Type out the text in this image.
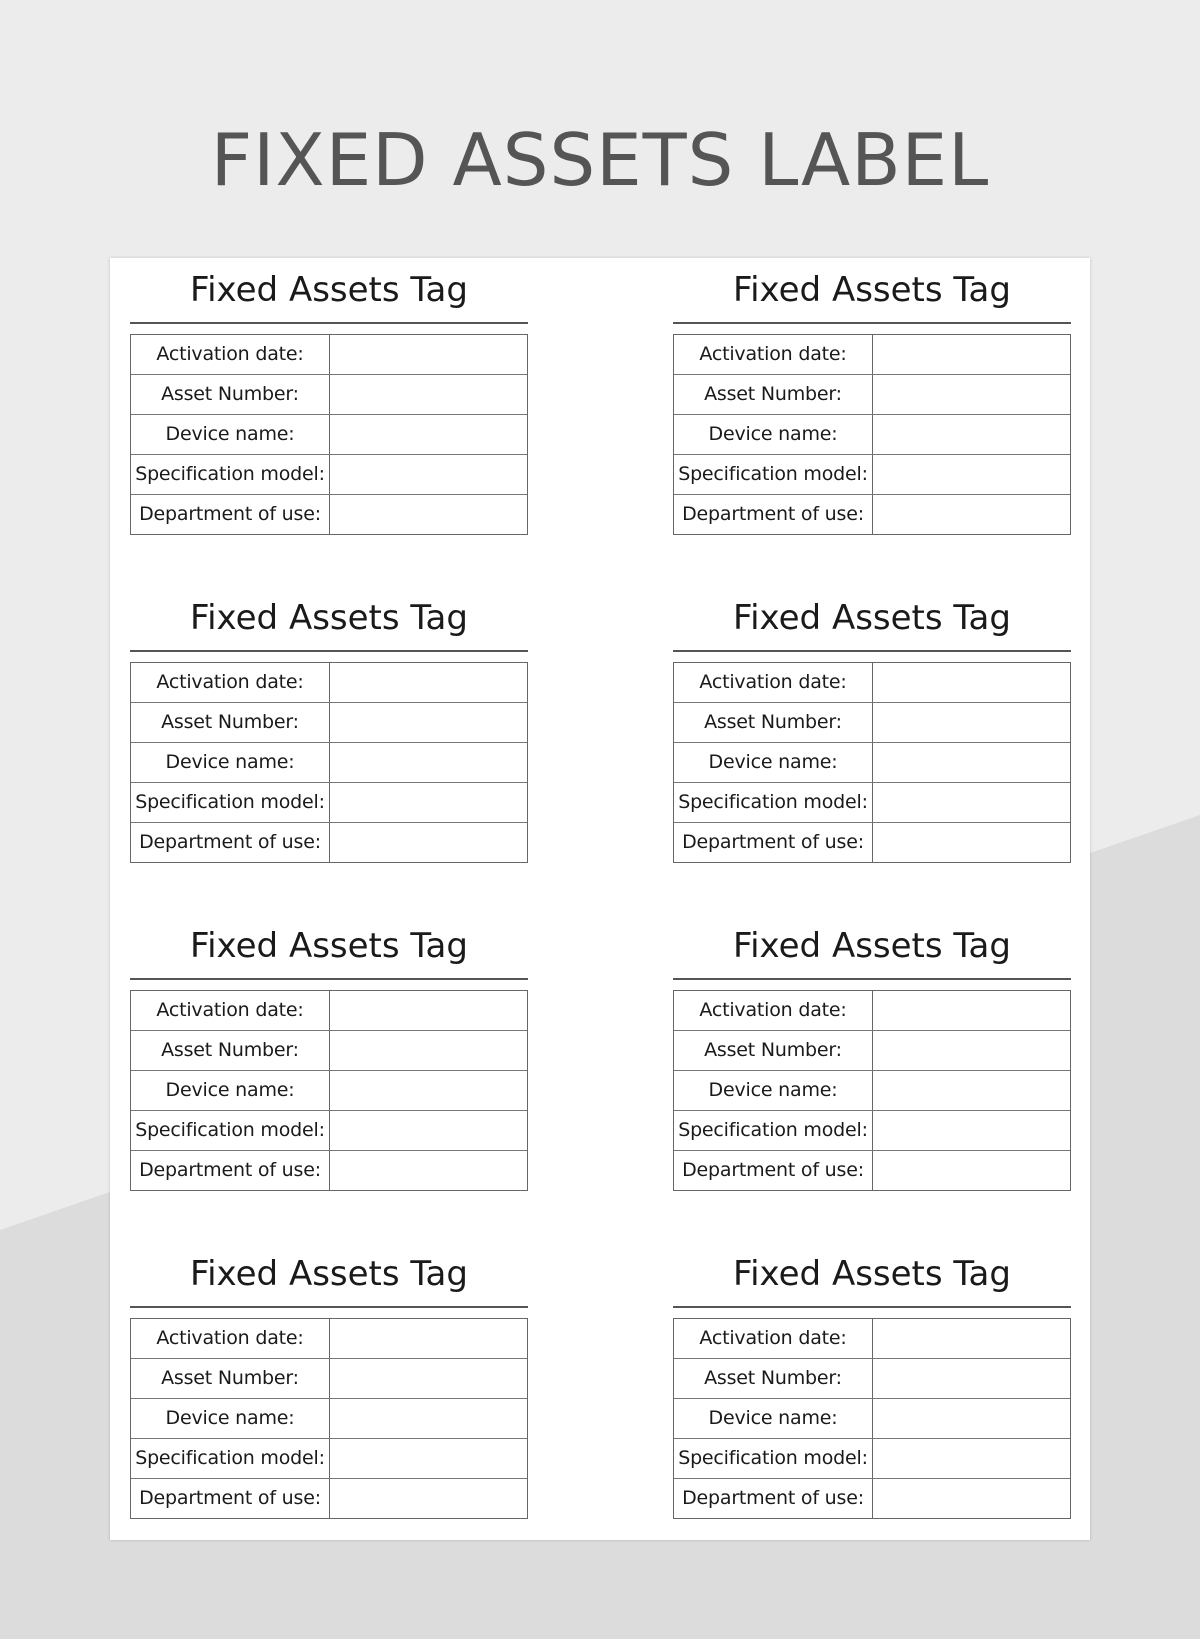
FIXED ASSETS LABEL
Fixed Assets Tag
Activation date:
Asset Number:
Device name:
Specification model:
Department of use:
Fixed Assets Tag
Activation date:
Asset Number:
Device name:
Specification model:
Department of use:
Fixed Assets Tag
Activation date:
Asset Number:
Device name:
Specification model:
Department of use:
Fixed Assets Tag
Activation date:
Asset Number:
Device name:
Specification model:
Department of use:
Fixed Assets Tag
Activation date:
Asset Number:
Device name:
Specification model:
Department of use:
Fixed Assets Tag
Activation date:
Asset Number:
Device name:
Specification model:
Department of use:
Fixed Assets Tag
Activation date:
Asset Number:
Device name:
Specification model:
Department of use:
Fixed Assets Tag
Activation date:
Asset Number:
Device name:
Specification model:
Department of use:
